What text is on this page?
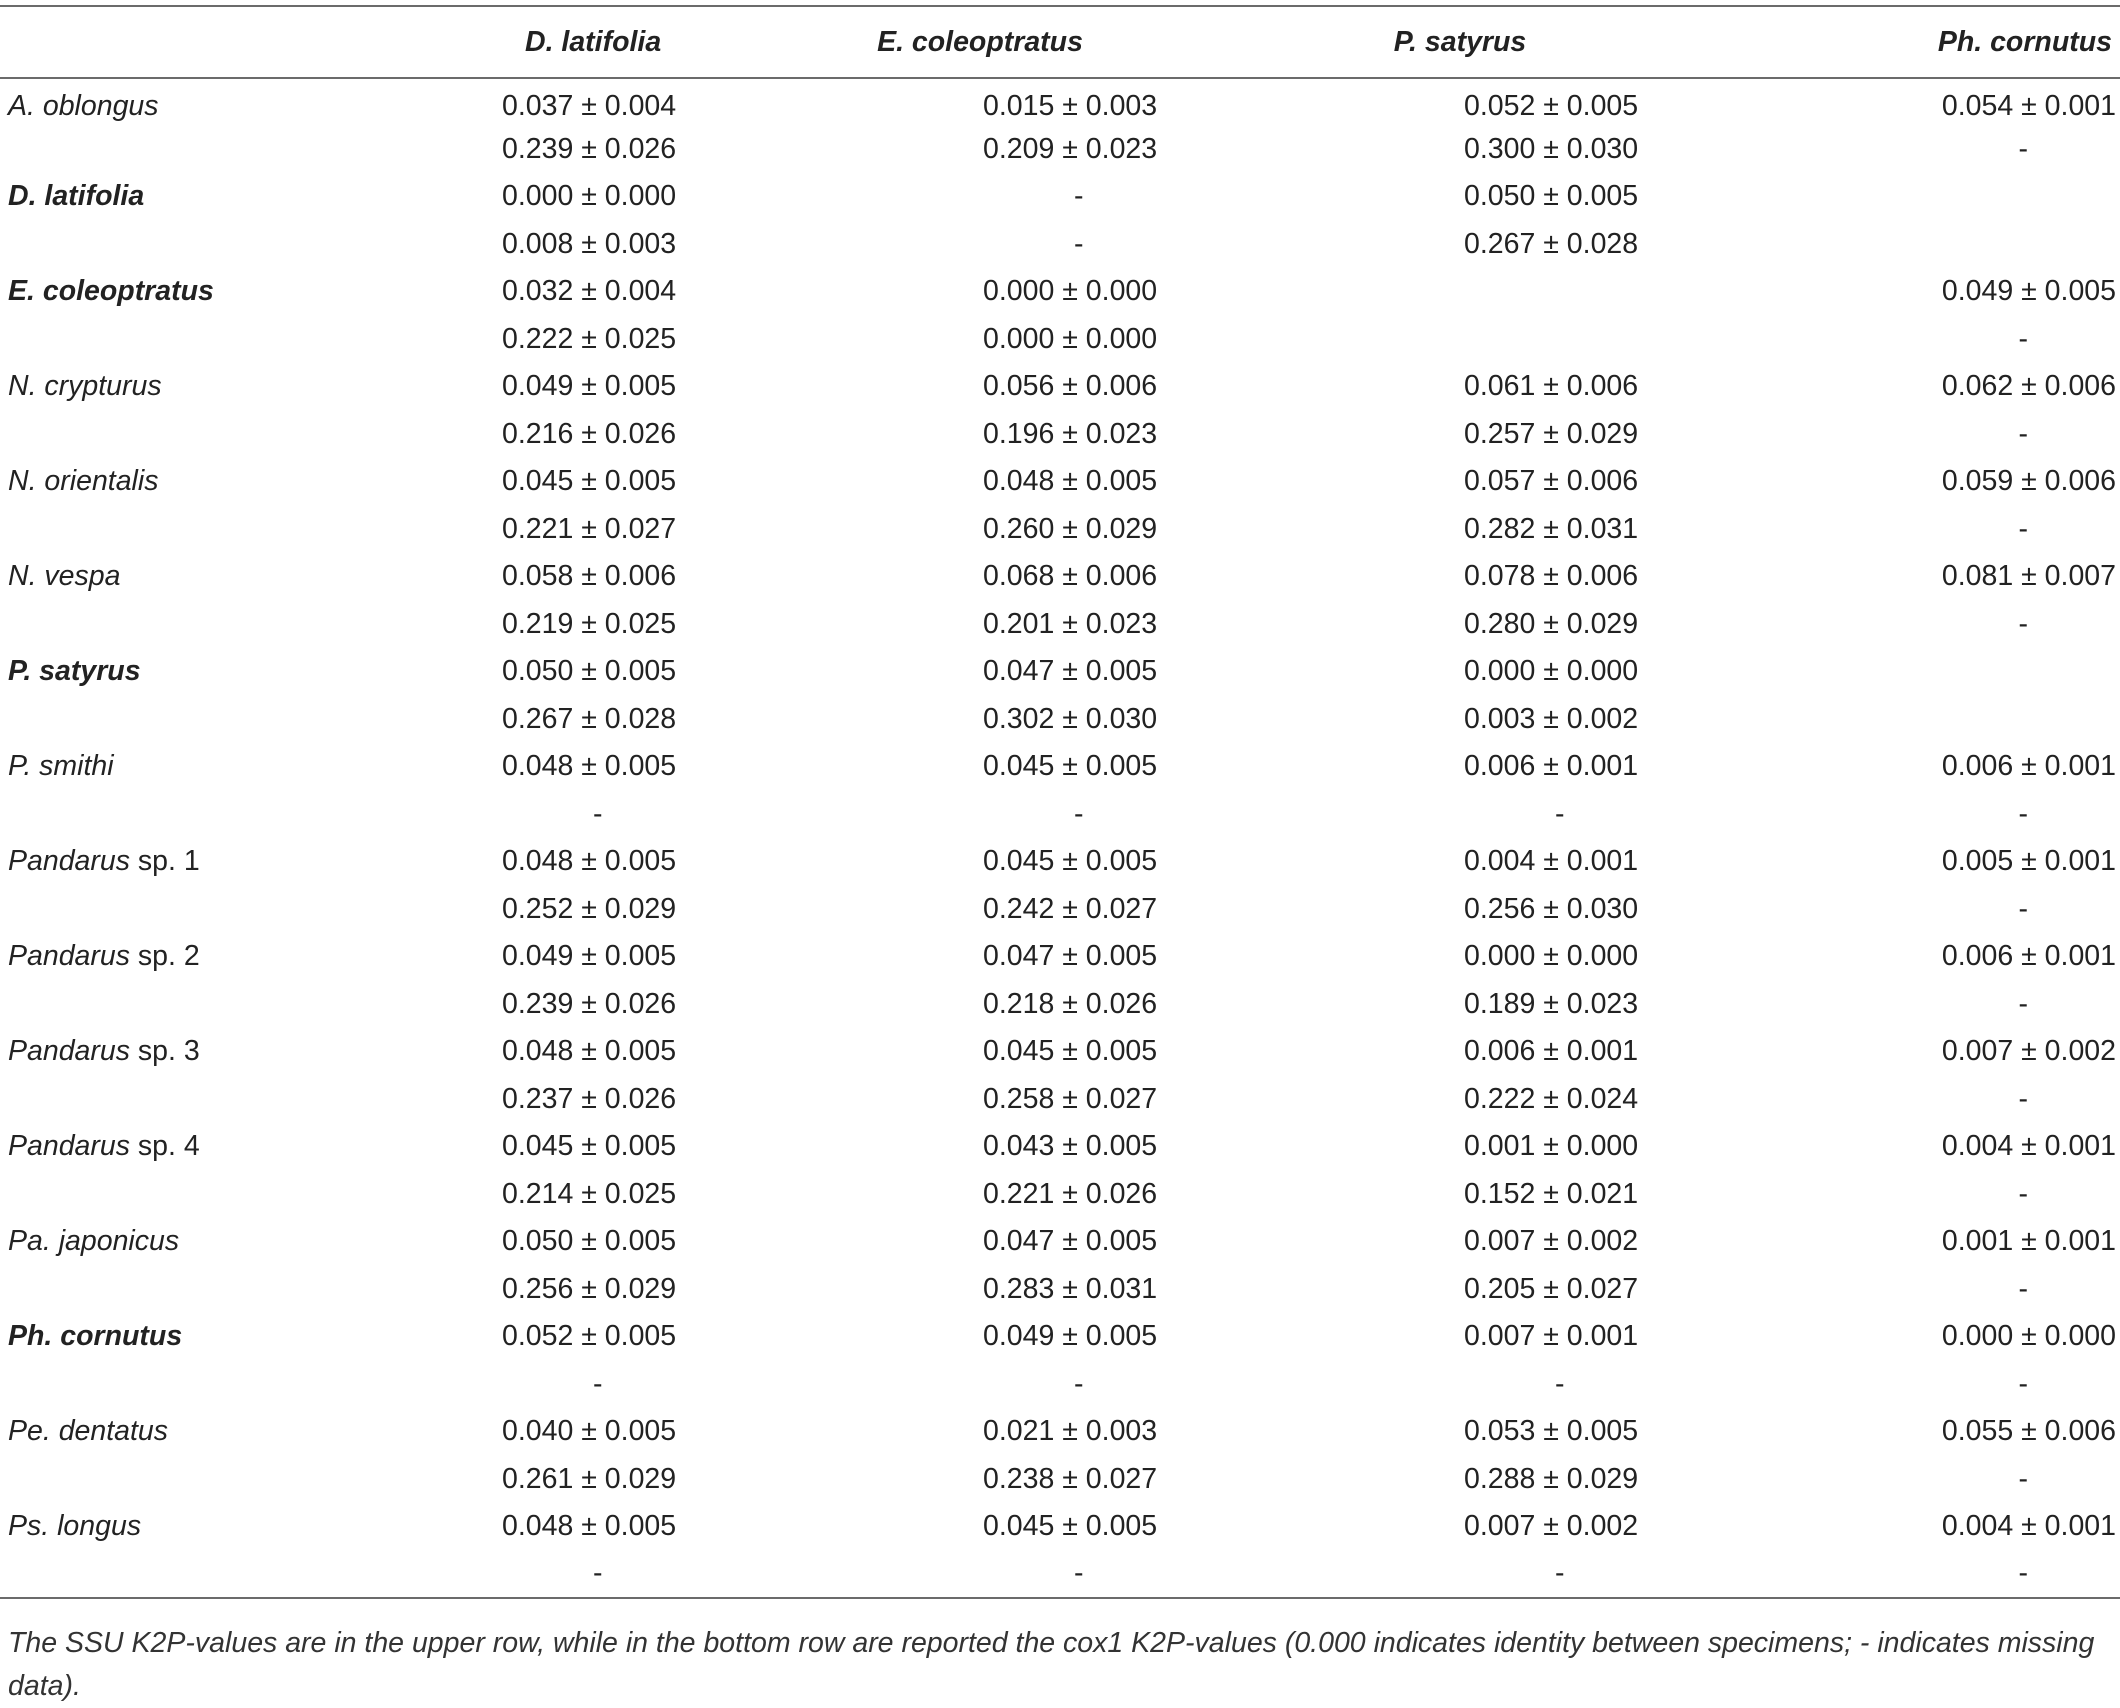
	D. latifolia	E. coleoptratus	P. satyrus	Ph. cornutus
A. oblongus	0.037 ± 0.004	0.015 ± 0.003	0.052 ± 0.005	0.054 ± 0.001
	0.239 ± 0.026	0.209 ± 0.023	0.300 ± 0.030	-
D. latifolia	0.000 ± 0.000	-	0.050 ± 0.005	
	0.008 ± 0.003	-	0.267 ± 0.028	
E. coleoptratus	0.032 ± 0.004	0.000 ± 0.000		0.049 ± 0.005
	0.222 ± 0.025	0.000 ± 0.000		-
N. crypturus	0.049 ± 0.005	0.056 ± 0.006	0.061 ± 0.006	0.062 ± 0.006
	0.216 ± 0.026	0.196 ± 0.023	0.257 ± 0.029	-
N. orientalis	0.045 ± 0.005	0.048 ± 0.005	0.057 ± 0.006	0.059 ± 0.006
	0.221 ± 0.027	0.260 ± 0.029	0.282 ± 0.031	-
N. vespa	0.058 ± 0.006	0.068 ± 0.006	0.078 ± 0.006	0.081 ± 0.007
	0.219 ± 0.025	0.201 ± 0.023	0.280 ± 0.029	-
P. satyrus	0.050 ± 0.005	0.047 ± 0.005	0.000 ± 0.000	
	0.267 ± 0.028	0.302 ± 0.030	0.003 ± 0.002	
P. smithi	0.048 ± 0.005	0.045 ± 0.005	0.006 ± 0.001	0.006 ± 0.001
	-	-	-	-
Pandarus sp. 1	0.048 ± 0.005	0.045 ± 0.005	0.004 ± 0.001	0.005 ± 0.001
	0.252 ± 0.029	0.242 ± 0.027	0.256 ± 0.030	-
Pandarus sp. 2	0.049 ± 0.005	0.047 ± 0.005	0.000 ± 0.000	0.006 ± 0.001
	0.239 ± 0.026	0.218 ± 0.026	0.189 ± 0.023	-
Pandarus sp. 3	0.048 ± 0.005	0.045 ± 0.005	0.006 ± 0.001	0.007 ± 0.002
	0.237 ± 0.026	0.258 ± 0.027	0.222 ± 0.024	-
Pandarus sp. 4	0.045 ± 0.005	0.043 ± 0.005	0.001 ± 0.000	0.004 ± 0.001
	0.214 ± 0.025	0.221 ± 0.026	0.152 ± 0.021	-
Pa. japonicus	0.050 ± 0.005	0.047 ± 0.005	0.007 ± 0.002	0.001 ± 0.001
	0.256 ± 0.029	0.283 ± 0.031	0.205 ± 0.027	-
Ph. cornutus	0.052 ± 0.005	0.049 ± 0.005	0.007 ± 0.001	0.000 ± 0.000
	-	-	-	-
Pe. dentatus	0.040 ± 0.005	0.021 ± 0.003	0.053 ± 0.005	0.055 ± 0.006
	0.261 ± 0.029	0.238 ± 0.027	0.288 ± 0.029	-
Ps. longus	0.048 ± 0.005	0.045 ± 0.005	0.007 ± 0.002	0.004 ± 0.001
	-	-	-	-
The SSU K2P-values are in the upper row, while in the bottom row are reported the cox1 K2P-values (0.000 indicates identity between specimens; - indicates missing data).
